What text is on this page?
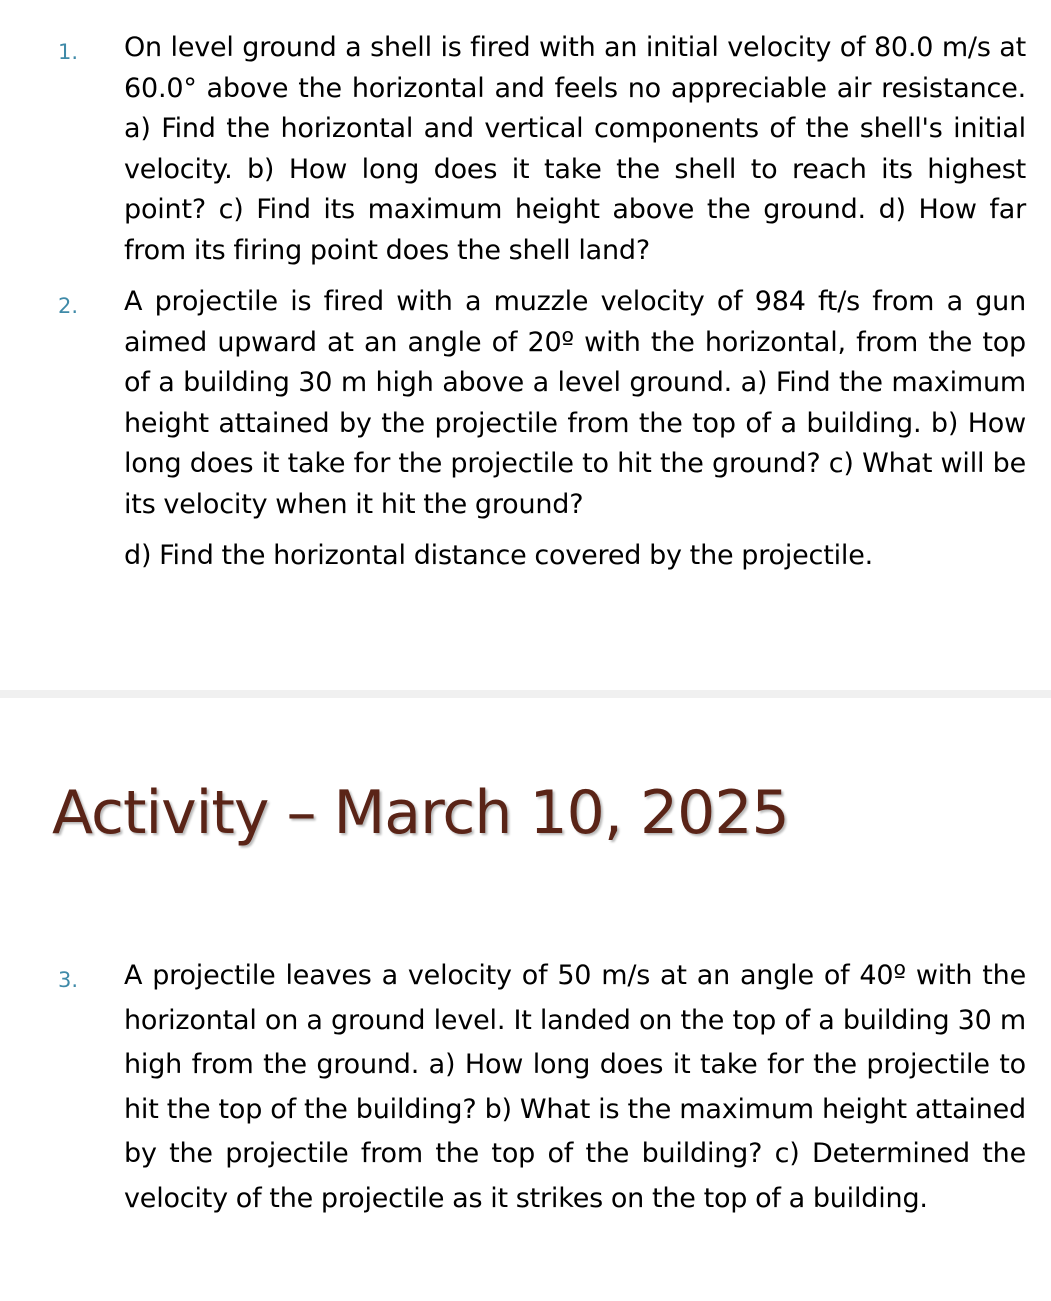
1. On level ground a shell is fired with an initial velocity of 80.0 m/s at 60.0° above the horizontal and feels no appreciable air resistance. a) Find the horizontal and vertical components of the shell's initial velocity. b) How long does it take the shell to reach its highest point? c) Find its maximum height above the ground. d) How far from its firing point does the shell land?

2. A projectile is fired with a muzzle velocity of 984 ft/s from a gun aimed upward at an angle of 20º with the horizontal, from the top of a building 30 m high above a level ground. a) Find the maximum height attained by the projectile from the top of a building. b) How long does it take for the projectile to hit the ground? c) What will be its velocity when it hit the ground?

d) Find the horizontal distance covered by the projectile.

Activity – March 10, 2025
3. A projectile leaves a velocity of 50 m/s at an angle of 40º with the horizontal on a ground level. It landed on the top of a building 30 m high from the ground. a) How long does it take for the projectile to hit the top of the building? b) What is the maximum height attained by the projectile from the top of the building? c) Determined the velocity of the projectile as it strikes on the top of a building.
